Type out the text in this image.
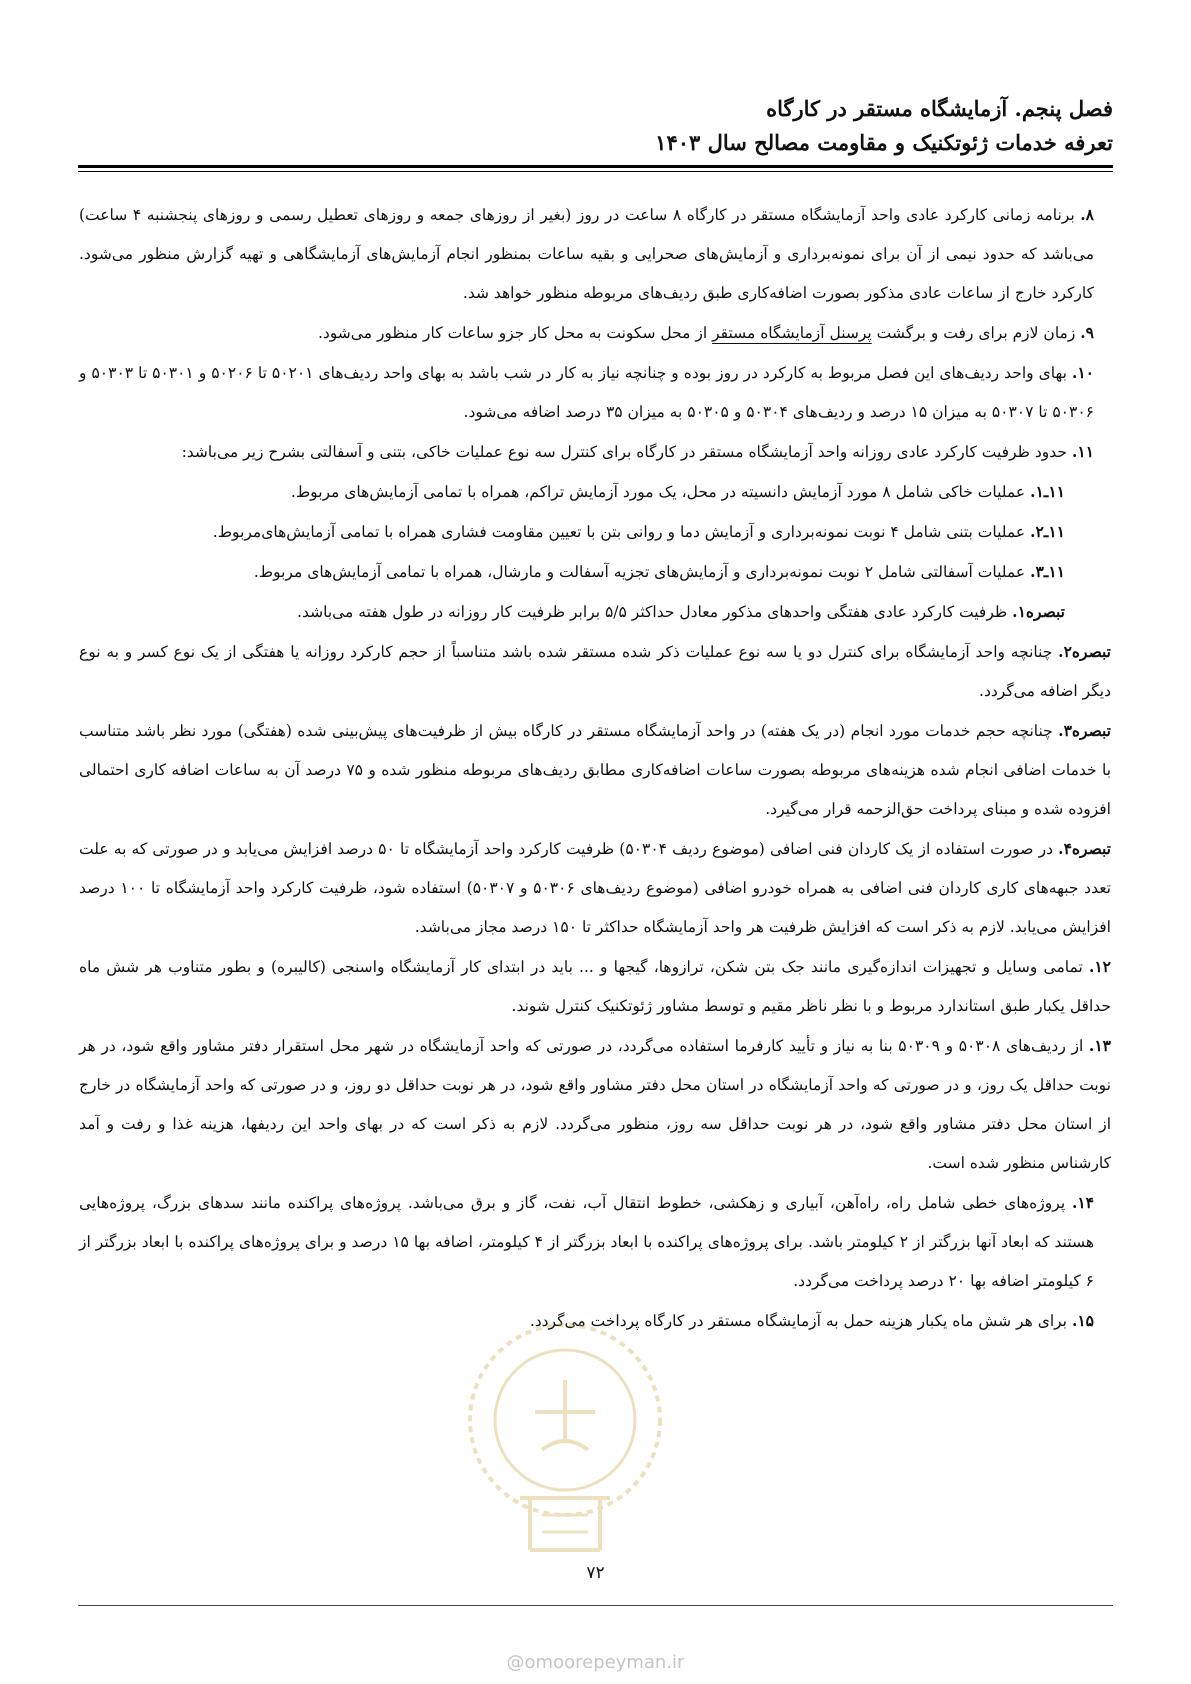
فصل پنجم. آزمایشگاه مستقر در کارگاه
تعرفه خدمات ژئوتکنیک و مقاومت مصالح سال ۱۴۰۳

۸. برنامه زمانی کارکرد عادی واحد آزمایشگاه مستقر در کارگاه ۸ ساعت در روز (بغیر از روزهای جمعه و روزهای تعطیل رسمی و روزهای پنجشنبه ۴ ساعت) می‌باشد که حدود نیمی از آن برای نمونه‌برداری و آزمایش‌های صحرایی و بقیه ساعات بمنظور انجام آزمایش‌های آزمایشگاهی و تهیه گزارش منظور می‌شود. کارکرد خارج از ساعات عادی مذکور بصورت اضافه‌کاری طبق ردیف‌های مربوطه منظور خواهد شد.

۹. زمان لازم برای رفت و برگشت پرسنل آزمایشگاه مستقر از محل سکونت به محل کار جزو ساعات کار منظور می‌شود.

۱۰. بهای واحد ردیف‌های این فصل مربوط به کارکرد در روز بوده و چنانچه نیاز به کار در شب باشد به بهای واحد ردیف‌های ۵۰۲۰۱ تا ۵۰۲۰۶ و ۵۰۳۰۱ تا ۵۰۳۰۳ و ۵۰۳۰۶ تا ۵۰۳۰۷ به میزان ۱۵ درصد و ردیف‌های ۵۰۳۰۴ و ۵۰۳۰۵ به میزان ۳۵ درصد اضافه می‌شود.

۱۱. حدود ظرفیت کارکرد عادی روزانه واحد آزمایشگاه مستقر در کارگاه برای کنترل سه نوع عملیات خاکی، بتنی و آسفالتی بشرح زیر می‌باشد:

۱۱ـ۱. عملیات خاکی شامل ۸ مورد آزمایش دانسیته در محل، یک مورد آزمایش تراکم، همراه با تمامی آزمایش‌های مربوط.

۱۱ـ۲. عملیات بتنی شامل ۴ نوبت نمونه‌برداری و آزمایش دما و روانی بتن با تعیین مقاومت فشاری همراه با تمامی آزمایش‌های‌مربوط.

۱۱ـ۳. عملیات آسفالتی شامل ۲ نوبت نمونه‌برداری و آزمایش‌های تجزیه آسفالت و مارشال، همراه با تمامی آزمایش‌های مربوط.

تبصره۱. ظرفیت کارکرد عادی هفتگی واحدهای مذکور معادل حداکثر ۵/۵ برابر ظرفیت کار روزانه در طول هفته می‌باشد.

تبصره۲. چنانچه واحد آزمایشگاه برای کنترل دو یا سه نوع عملیات ذکر شده مستقر شده باشد متناسباً از حجم کارکرد روزانه یا هفتگی از یک نوع کسر و به نوع دیگر اضافه می‌گردد.

تبصره۳. چنانچه حجم خدمات مورد انجام (در یک هفته) در واحد آزمایشگاه مستقر در کارگاه بیش از ظرفیت‌های پیش‌بینی شده (هفتگی) مورد نظر باشد متناسب با خدمات اضافی انجام شده هزینه‌های مربوطه بصورت ساعات اضافه‌کاری مطابق ردیف‌های مربوطه منظور شده و ۷۵ درصد آن به ساعات اضافه کاری احتمالی افزوده شده و مبنای پرداخت حق‌الزحمه قرار می‌گیرد.

تبصره۴. در صورت استفاده از یک کاردان فنی اضافی (موضوع ردیف ۵۰۳۰۴) ظرفیت کارکرد واحد آزمایشگاه تا ۵۰ درصد افزایش می‌یابد و در صورتی که به علت تعدد جبهه‌های کاری کاردان فنی اضافی به همراه خودرو اضافی (موضوع ردیف‌های ۵۰۳۰۶ و ۵۰۳۰۷) استفاده شود، ظرفیت کارکرد واحد آزمایشگاه تا ۱۰۰ درصد افزایش می‌یابد. لازم به ذکر است که افزایش ظرفیت هر واحد آزمایشگاه حداکثر تا ۱۵۰ درصد مجاز می‌باشد.

۱۲. تمامی وسایل و تجهیزات اندازه‌گیری مانند جک بتن شکن، ترازوها، گیجها و ... باید در ابتدای کار آزمایشگاه واسنجی (کالیبره) و بطور متناوب هر شش ماه حداقل یکبار طبق استاندارد مربوط و با نظر ناظر مقیم و توسط مشاور ژئوتکنیک کنترل شوند.

۱۳. از ردیف‌های ۵۰۳۰۸ و ۵۰۳۰۹ بنا به نیاز و تأیید کارفرما استفاده می‌گردد، در صورتی که واحد آزمایشگاه در شهر محل استقرار دفتر مشاور واقع شود، در هر نوبت حداقل یک روز، و در صورتی که واحد آزمایشگاه در استان محل دفتر مشاور واقع شود، در هر نوبت حداقل دو روز، و در صورتی که واحد آزمایشگاه در خارج از استان محل دفتر مشاور واقع شود، در هر نوبت حداقل سه روز، منظور می‌گردد. لازم به ذکر است که در بهای واحد این ردیفها، هزینه غذا و رفت و آمد کارشناس منظور شده است.

۱۴. پروژه‌های خطی شامل راه، راه‌آهن، آبیاری و زهکشی، خطوط انتقال آب، نفت، گاز و برق می‌باشد. پروژه‌های پراکنده مانند سدهای بزرگ، پروژه‌هایی هستند که ابعاد آنها بزرگتر از ۲ کیلومتر باشد. برای پروژه‌های پراکنده با ابعاد بزرگتر از ۴ کیلومتر، اضافه بها ۱۵ درصد و برای پروژه‌های پراکنده با ابعاد بزرگتر از ۶ کیلومتر اضافه بها ۲۰ درصد پرداخت می‌گردد.

۱۵. برای هر شش ماه یکبار هزینه حمل به آزمایشگاه مستقر در کارگاه پرداخت می‌گردد.

۷۲
@omoorepeyman.ir
